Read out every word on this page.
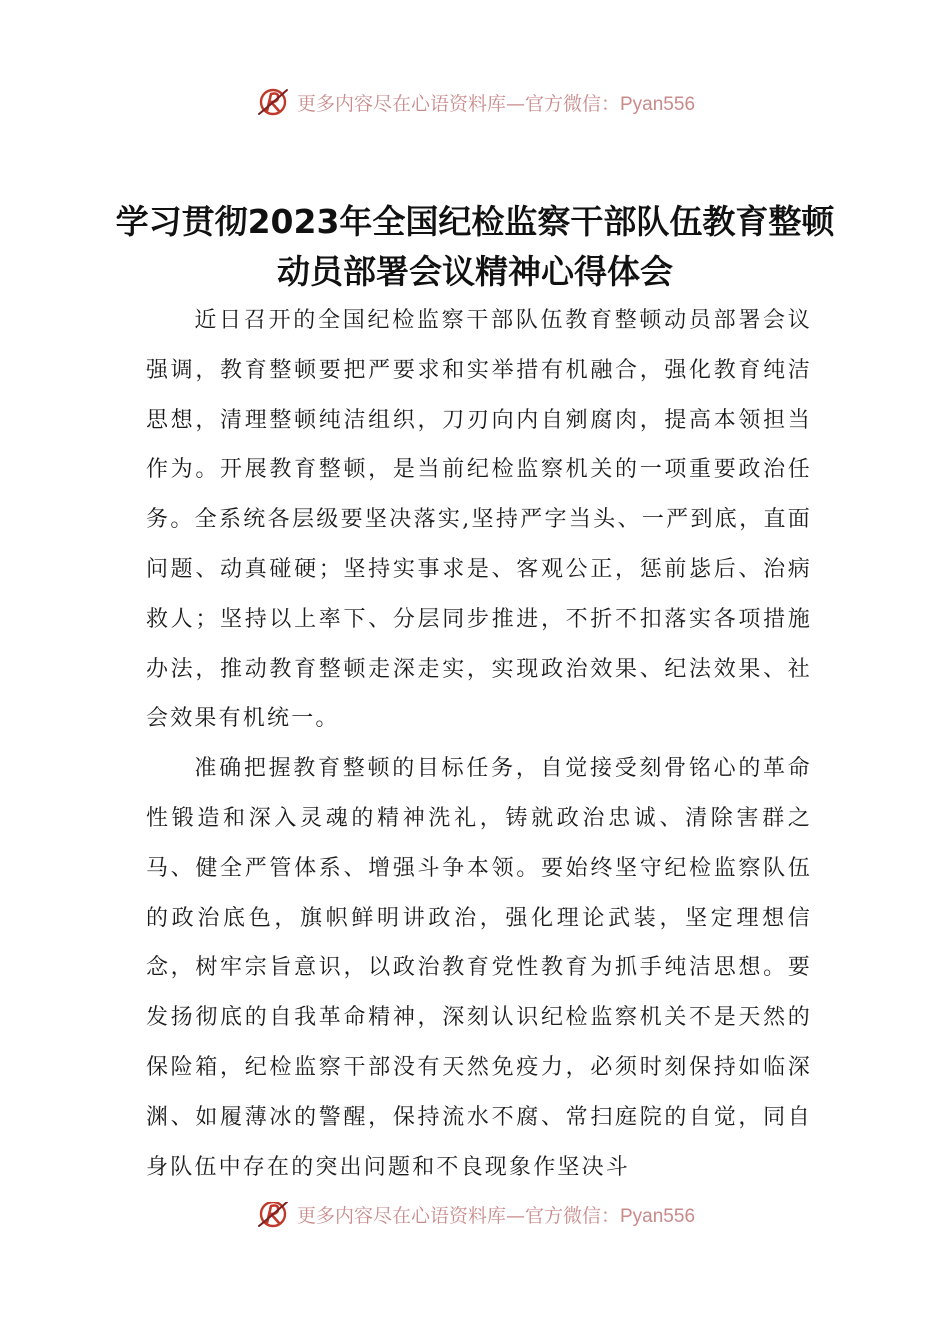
更多内容尽在心语资料库—官方微信：Pyan556
学习贯彻2023年全国纪检监察干部队伍教育整顿动员部署会议精神心得体会

近日召开的全国纪检监察干部队伍教育整顿动员部署会议强调，教育整顿要把严要求和实举措有机融合，强化教育纯洁思想，清理整顿纯洁组织，刀刃向内自剜腐肉，提高本领担当作为。开展教育整顿，是当前纪检监察机关的一项重要政治任务。全系统各层级要坚决落实,坚持严字当头、一严到底，直面问题、动真碰硬；坚持实事求是、客观公正，惩前毖后、治病救人；坚持以上率下、分层同步推进，不折不扣落实各项措施办法，推动教育整顿走深走实，实现政治效果、纪法效果、社会效果有机统一。

准确把握教育整顿的目标任务，自觉接受刻骨铭心的革命性锻造和深入灵魂的精神洗礼，铸就政治忠诚、清除害群之马、健全严管体系、增强斗争本领。要始终坚守纪检监察队伍的政治底色，旗帜鲜明讲政治，强化理论武装，坚定理想信念，树牢宗旨意识，以政治教育党性教育为抓手纯洁思想。要发扬彻底的自我革命精神，深刻认识纪检监察机关不是天然的保险箱，纪检监察干部没有天然免疫力，必须时刻保持如临深渊、如履薄冰的警醒，保持流水不腐、常扫庭院的自觉，同自身队伍中存在的突出问题和不良现象作坚决斗

更多内容尽在心语资料库—官方微信：Pyan556
